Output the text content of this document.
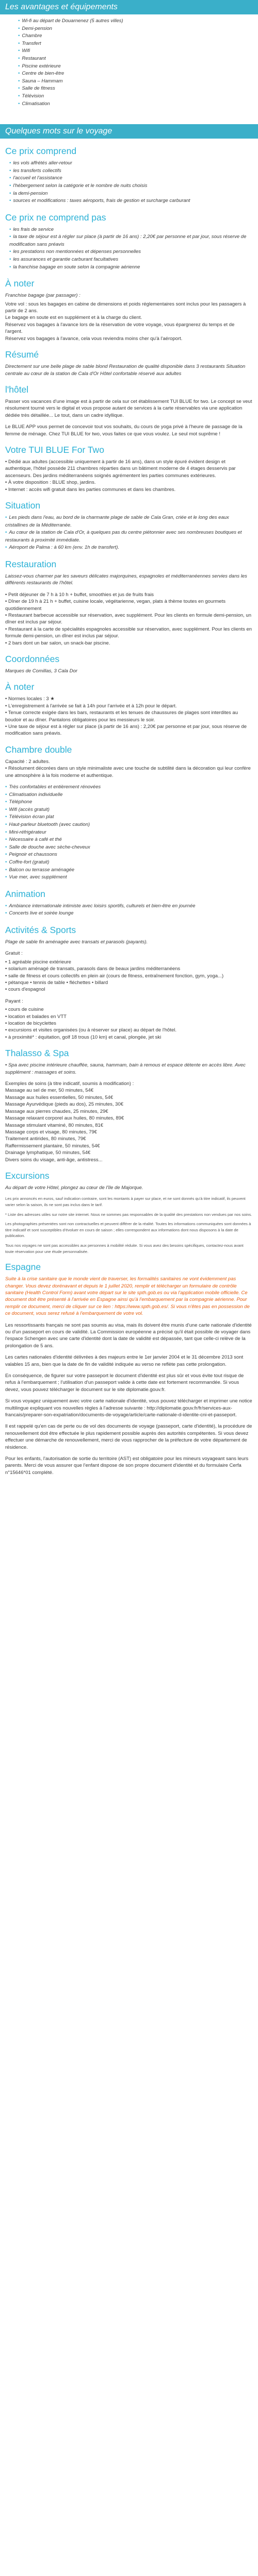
Les avantages et équipements
• Wi-fi au départ de Douarnenez (5 autres villes)
• Demi-pension
• Chambre
• Transfert
• Wifi
• Restaurant
• Piscine extérieure
• Centre de bien-être
• Sauna – Hammam
• Salle de fitness
• Télévision
• Climatisation
Quelques mots sur le voyage
Ce prix comprend
• les vols affrétés aller-retour
• les transferts collectifs
• l'accueil et l'assistance
• l'hébergement selon la catégorie et le nombre de nuits choisis
• la demi-pension
• sources et modifications : taxes aéroports, frais de gestion et surcharge carburant
Ce prix ne comprend pas
• les frais de service
• la taxe de séjour est à régler sur place (à partir de 16 ans) : 2,20€ par personne et par jour, sous réserve de modification sans préavis
• les prestations non mentionnées et dépenses personnelles
• les assurances et garantie carburant facultatives
• la franchise bagage en soute selon la compagnie aérienne
À noter

Franchise bagage (par passager) :

Votre vol : sous les bagages en cabine de dimensions et poids réglementaires sont inclus pour les passagers à partir de 2 ans.
Le bagage en soute est en supplément et à la charge du client.
Réservez vos bagages à l'avance lors de la réservation de votre voyage, vous épargnerez du temps et de l'argent.
Réservez vos bagages à l'avance, cela vous reviendra moins cher qu'à l'aéroport.

Résumé

Directement sur une belle plage de sable blond Restauration de qualité disponible dans 3 restaurants Situation centrale au cœur de la station de Cala d'Or Hôtel confortable réservé aux adultes

l'hôtel

Passer vos vacances d'une image est à partir de cela sur cet établissement TUI BLUE for two. Le concept se veut résolument tourné vers le digital et vous propose autant de services à la carte réservables via une application dédiée très détaillée... Le tout, dans un cadre idyllique.

Le BLUE APP vous permet de concevoir tout vos souhaits, du cours de yoga privé à l'heure de passage de la femme de ménage. Chez TUI BLUE for two, vous faites ce que vous voulez. Le seul mot suprême !

Votre TUI BLUE For Two

• Dédié aux adultes (accessible uniquement à partir de 16 ans), dans un style épuré évident design et authentique, l'hôtel possède 211 chambres réparties dans un bâtiment moderne de 4 étages desservis par ascenseurs. Des jardins méditerranéens soignés agrémentent les parties communes extérieures.
• À votre disposition : BLUE shop, jardins.
• Internet : accès wifi gratuit dans les parties communes et dans les chambres.

Situation
• Les pieds dans l'eau, au bord de la charmante plage de sable de Cala Gran, criée et le long des eaux cristallines de la Méditerranée.
• Au cœur de la station de Cala d'Or, à quelques pas du centre piétonnier avec ses nombreuses boutiques et restaurants à proximité immédiate.
• Aéroport de Palma : à 60 km (env. 1h de transfert).
Restauration

Laissez-vous charmer par les saveurs délicates majorquines, espagnoles et méditerranéennes servies dans les différents restaurants de l'hôtel.

• Petit déjeuner de 7 h à 10 h + buffet, smoothies et jus de fruits frais
• Dîner de 19 h à 21 h + buffet, cuisine locale, végétarienne, vegan, plats à thème toutes en gourmets quotidiennement
• Restaurant barbecue accessible sur réservation, avec supplément. Pour les clients en formule demi-pension, un dîner est inclus par séjour.
• Restaurant à la carte de spécialités espagnoles accessible sur réservation, avec supplément. Pour les clients en formule demi-pension, un dîner est inclus par séjour.
• 2 bars dont un bar salon, un snack-bar piscine.

Coordonnées

Marques de Comillas, 3 Cala Dor

À noter

• Normes locales : 3 ★
• L'enregistrement à l'arrivée se fait à 14h pour l'arrivée et à 12h pour le départ.
• Tenue correcte exigée dans les bars, restaurants et les tenues de chaussures de plages sont interdites au boudoir et au dîner. Pantalons obligatoires pour les messieurs le soir.
• Une taxe de séjour est à régler sur place (à partir de 16 ans) : 2,20€ par personne et par jour, sous réserve de modification sans préavis.

Chambre double

Capacité : 2 adultes.
• Résolument décorées dans un style minimaliste avec une touche de subtilité dans la décoration qui leur confère une atmosphère à la fois moderne et authentique.

• Très confortables et entièrement rénovées
• Climatisation individuelle
• Téléphone
• Wifi (accès gratuit)
• Télévision écran plat
• Haut-parleur bluetooth (avec caution)
• Mini-réfrigérateur
• Nécessaire à café et thé
• Salle de douche avec sèche-cheveux
• Peignoir et chaussons
• Coffre-fort (gratuit)
• Balcon ou terrasse aménagée
• Vue mer, avec supplément
Animation
• Ambiance internationale intimiste avec loisirs sportifs, culturels et bien-être en journée
• Concerts live et soirée lounge
Activités & Sports

Plage de sable fin aménagée avec transats et parasols (payants).

Gratuit :

• 1 agréable piscine extérieure
• solarium aménagé de transats, parasols dans de beaux jardins méditerranéens
• salle de fitness et cours collectifs en plein air (cours de fitness, entraînement fonction, gym, yoga...)
• pétanque • tennis de table • fléchettes • billard
• cours d'espagnol

Payant :

• cours de cuisine
• location et balades en VTT
• location de bicyclettes
• excursions et visites organisées (ou à réserver sur place) au départ de l'hôtel.
• à proximité* : équitation, golf 18 trous (10 km) et canal, plongée, jet ski

Thalasso & Spa

• Spa avec piscine intérieure chauffée, sauna, hammam, bain à remous et espace détente en accès libre. Avec supplément : massages et soins.

Exemples de soins (à titre indicatif, soumis à modification) :
Massage au sel de mer, 50 minutes, 54€
Massage aux huiles essentielles, 50 minutes, 54€
Massage Ayurvédique (pieds au dos), 25 minutes, 30€
Massage aux pierres chaudes, 25 minutes, 29€
Massage relaxant corporel aux huiles, 80 minutes, 89€
Massage stimulant vitaminé, 80 minutes, 81€
Massage corps et visage, 80 minutes, 79€
Traitement antirides, 80 minutes, 79€
Raffermissement plantaire, 50 minutes, 54€
Drainage lymphatique, 50 minutes, 54€
Divers soins du visage, anti-âge, antistress...

Excursions

Au départ de votre Hôtel, plongez au cœur de l'île de Majorque.

Les prix annoncés en euros, sauf indication contraire, sont les montants à payer sur place, et ne sont donnés qu'à titre indicatif, ils peuvent varier selon la saison, ils ne sont pas inclus dans le tarif.

* Liste des adresses utiles sur notre site internet. Nous ne sommes pas responsables de la qualité des prestations non vendues par nos soins.

Les photographies présentées sont non contractuelles et peuvent différer de la réalité. Toutes les informations communiquées sont données à titre indicatif et sont susceptibles d'évoluer en cours de saison ; elles correspondent aux informations dont nous disposons à la date de publication.

Tous nos voyages ne sont pas accessibles aux personnes à mobilité réduite. Si vous avez des besoins spécifiques, contactez-nous avant toute réservation pour une étude personnalisée.

Espagne

Suite à la crise sanitaire que le monde vient de traverser, les formalités sanitaires ne vont évidemment pas changer. Vous devez dorénavant et depuis le 1 juillet 2020, remplir et télécharger un formulaire de contrôle sanitaire (Health Control Form) avant votre départ sur le site spth.gob.es ou via l'application mobile officielle. Ce document doit être présenté à l'arrivée en Espagne ainsi qu'à l'embarquement par la compagnie aérienne. Pour remplir ce document, merci de cliquer sur ce lien : https://www.spth.gob.es/. Si vous n'êtes pas en possession de ce document, vous serez refusé à l'embarquement de votre vol.

Les ressortissants français ne sont pas soumis au visa, mais ils doivent être munis d'une carte nationale d'identité ou d'un passeport en cours de validité. La Commission européenne a précisé qu'il était possible de voyager dans l'espace Schengen avec une carte d'identité dont la date de validité est dépassée, tant que celle-ci relève de la prolongation de 5 ans.

Les cartes nationales d'identité délivrées à des majeurs entre le 1er janvier 2004 et le 31 décembre 2013 sont valables 15 ans, bien que la date de fin de validité indiquée au verso ne reflète pas cette prolongation.

En conséquence, de figurer sur votre passeport le document d'identité est plus sûr et vous évite tout risque de refus à l'embarquement ; l'utilisation d'un passeport valide à cette date est fortement recommandée. Si vous devez, vous pouvez télécharger le document sur le site diplomatie.gouv.fr.

Si vous voyagez uniquement avec votre carte nationale d'identité, vous pouvez télécharger et imprimer une notice multilingue expliquant vos nouvelles règles à l'adresse suivante : http://diplomatie.gouv.fr/fr/services-aux-francais/preparer-son-expatriation/documents-de-voyage/article/carte-nationale-d-identite-cni-et-passeport.

Il est rappelé qu'en cas de perte ou de vol des documents de voyage (passeport, carte d'identité), la procédure de renouvellement doit être effectuée le plus rapidement possible auprès des autorités compétentes. Si vous devez effectuer une démarche de renouvellement, merci de vous rapprocher de la préfecture de votre département de résidence.

Pour les enfants, l'autorisation de sortie du territoire (AST) est obligatoire pour les mineurs voyageant sans leurs parents. Merci de vous assurer que l'enfant dispose de son propre document d'identité et du formulaire Cerfa n°15646*01 complété.
